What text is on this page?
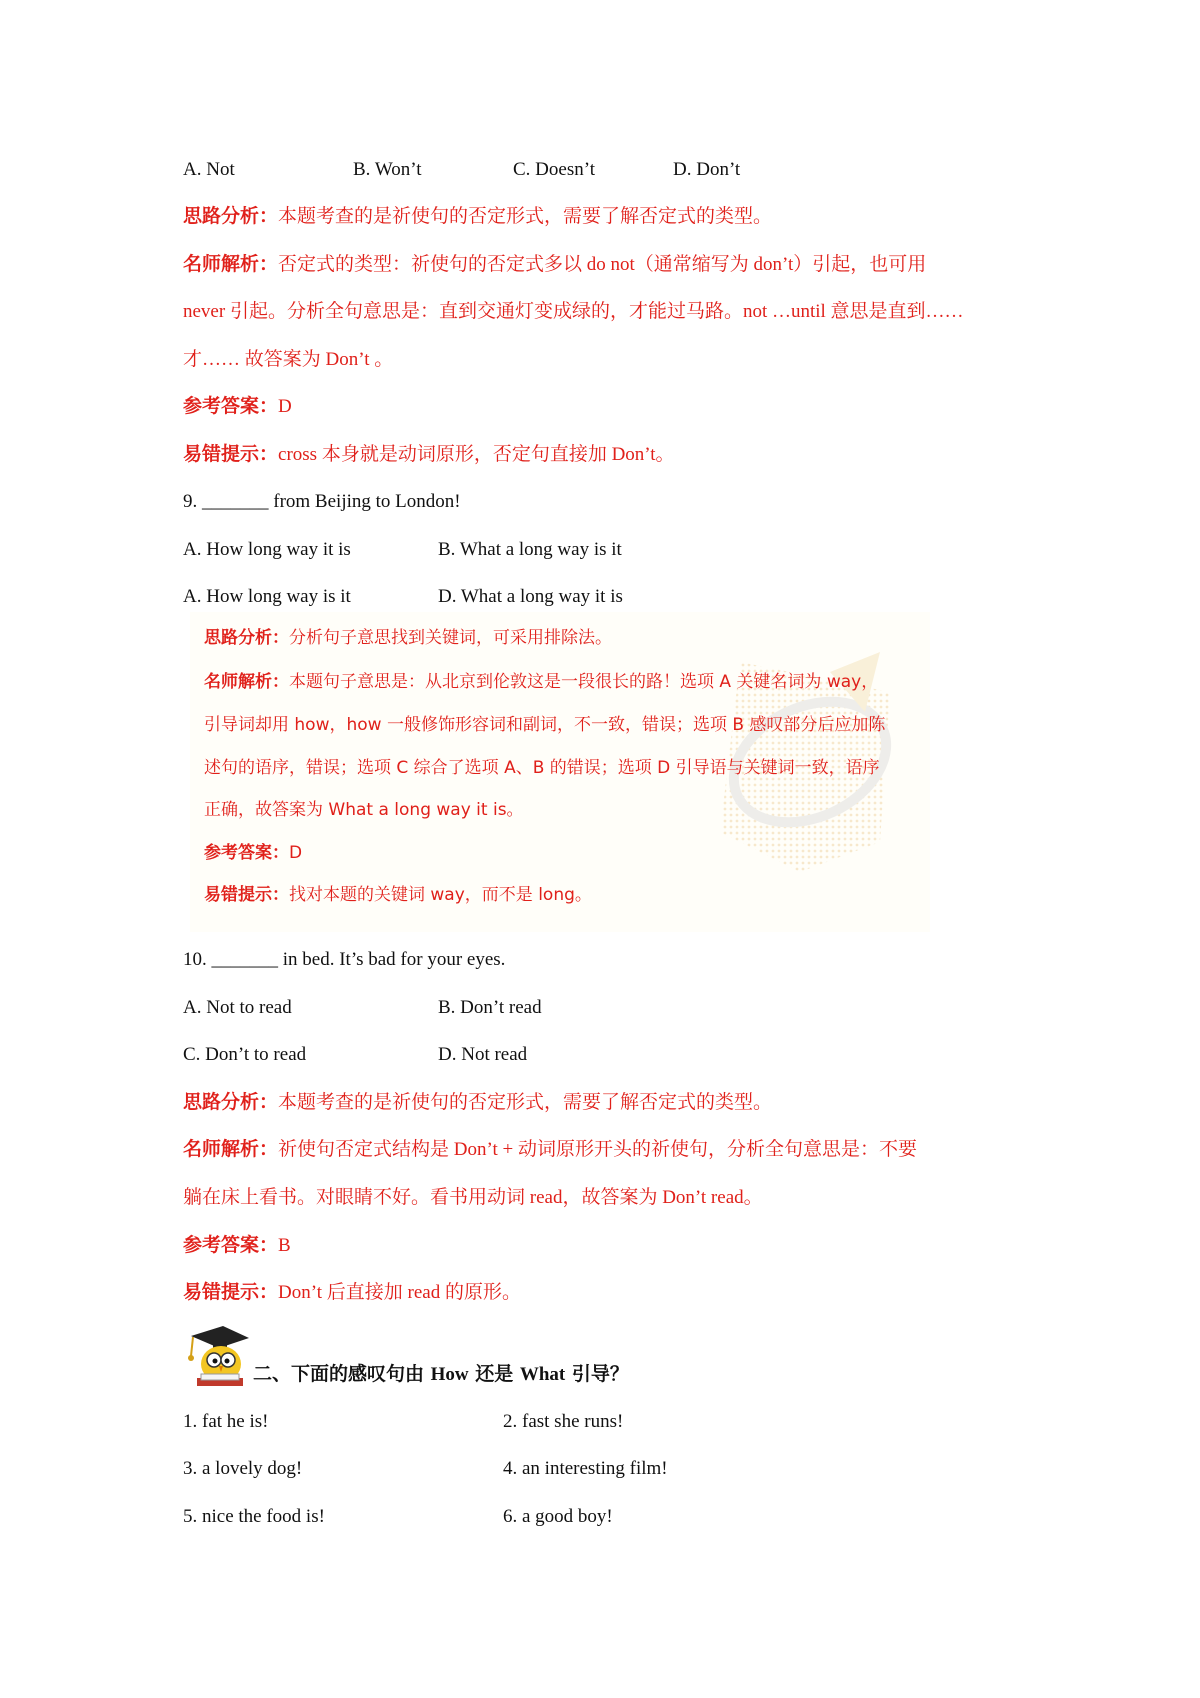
A. Not	B. Won’t	C. Doesn’t	D. Don’t
思路分析：本题考查的是祈使句的否定形式，需要了解否定式的类型。
名师解析：否定式的类型：祈使句的否定式多以 do not（通常缩写为 don’t）引起，也可用
never 引起。分析全句意思是：直到交通灯变成绿的，才能过马路。not …until 意思是直到……
才…… 故答案为 Don’t 。
参考答案：D
易错提示：cross 本身就是动词原形，否定句直接加 Don’t。
9. _______ from Beijing to London!
A. How long way it is	B. What a long way is it
A. How long way is it	D. What a long way it is
思路分析：分析句子意思找到关键词，可采用排除法。
名师解析：本题句子意思是：从北京到伦敦这是一段很长的路！选项 A 关键名词为 way，
引导词却用 how，how 一般修饰形容词和副词，不一致，错误；选项 B 感叹部分后应加陈
述句的语序，错误；选项 C 综合了选项 A、B 的错误；选项 D 引导语与关键词一致，语序
正确，故答案为 What a long way it is。
参考答案：D
易错提示：找对本题的关键词 way，而不是 long。
10. _______ in bed. It’s bad for your eyes.
A. Not to read	B. Don’t read
C. Don’t to read	D. Not read
思路分析：本题考查的是祈使句的否定形式，需要了解否定式的类型。
名师解析：祈使句否定式结构是 Don’t + 动词原形开头的祈使句，分析全句意思是：不要
躺在床上看书。对眼睛不好。看书用动词 read，故答案为 Don’t read。
参考答案：B
易错提示：Don’t 后直接加 read 的原形。
二、下面的感叹句由 How 还是 What 引导？
1. fat he is!	2. fast she runs!
3. a lovely dog!	4. an interesting film!
5. nice the food is!	6. a good boy!
